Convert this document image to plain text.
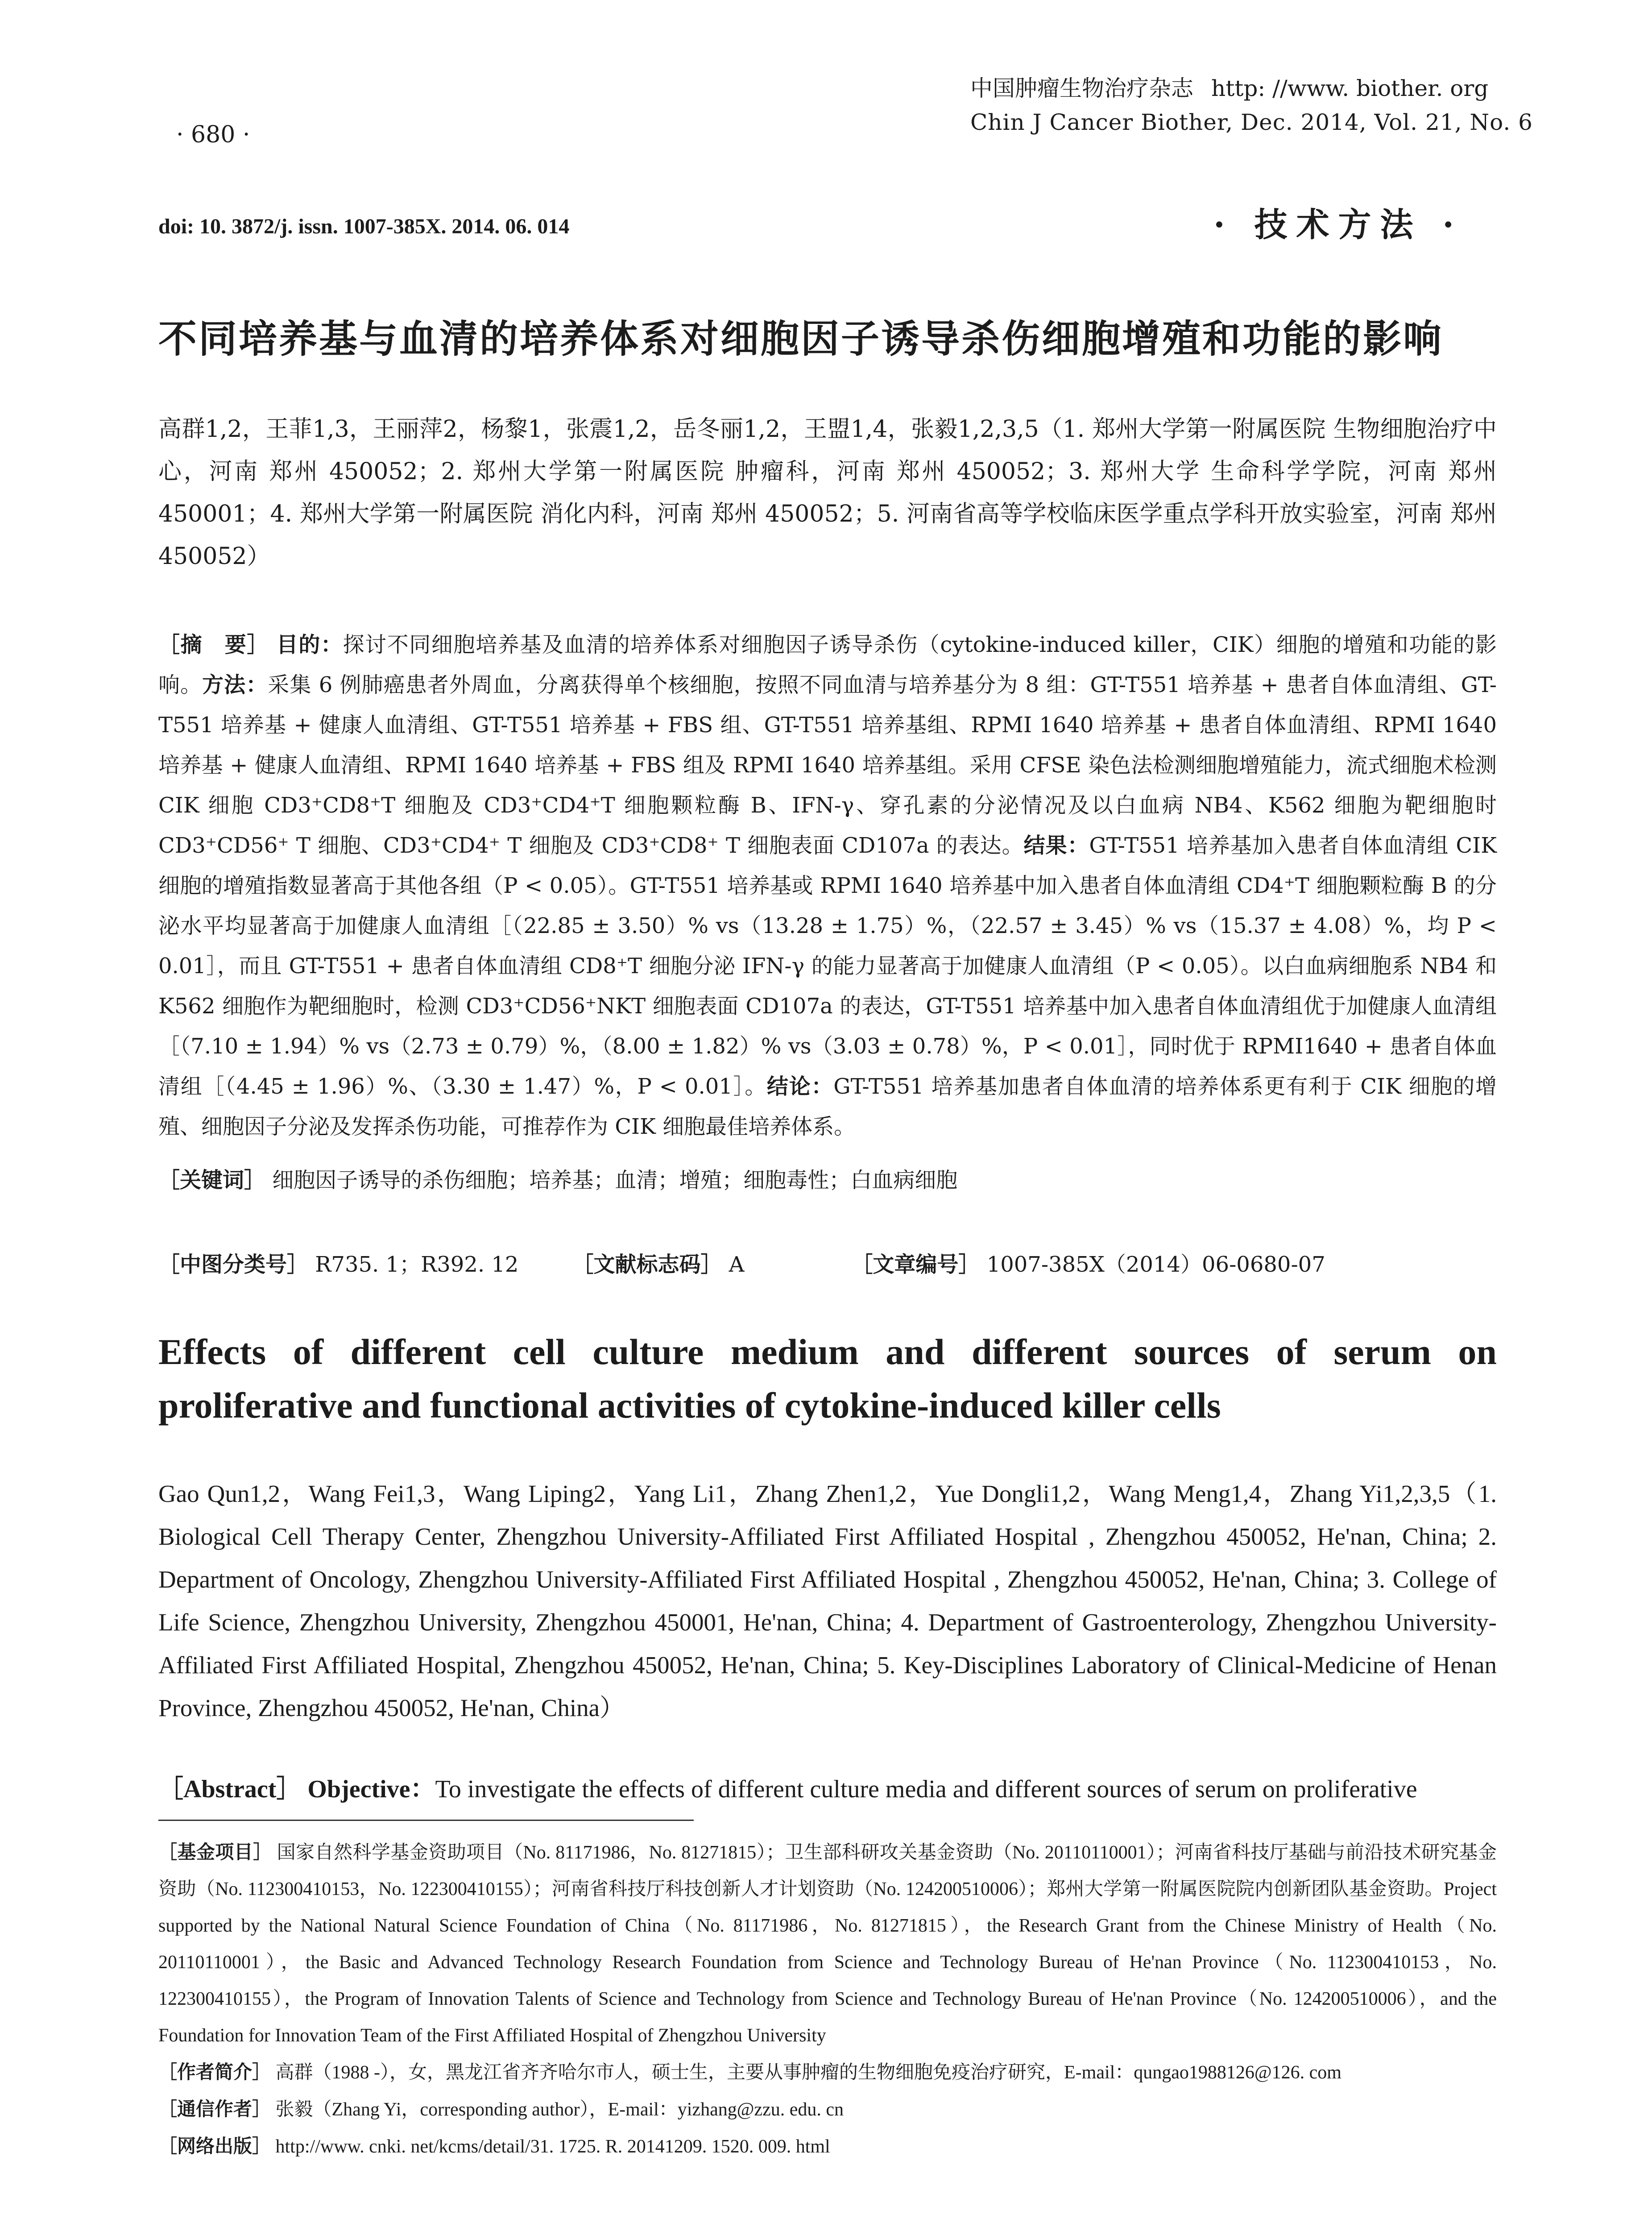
· 680 ·
中国肿瘤生物治疗杂志 http: //www. biother. org
Chin J Cancer Biother, Dec. 2014, Vol. 21, No. 6
doi: 10. 3872/j. issn. 1007-385X. 2014. 06. 014	· 技术方法 ·
不同培养基与血清的培养体系对细胞因子诱导杀伤细胞增殖和功能的影响
高群1,2，王菲1,3，王丽萍2，杨黎1，张震1,2，岳冬丽1,2，王盟1,4，张毅1,2,3,5（1. 郑州大学第一附属医院 生物细胞治疗中心，河南 郑州 450052；2. 郑州大学第一附属医院 肿瘤科，河南 郑州 450052；3. 郑州大学 生命科学学院，河南 郑州 450001；4. 郑州大学第一附属医院 消化内科，河南 郑州 450052；5. 河南省高等学校临床医学重点学科开放实验室，河南 郑州 450052）
［摘　要］ 目的：探讨不同细胞培养基及血清的培养体系对细胞因子诱导杀伤（cytokine-induced killer，CIK）细胞的增殖和功能的影响。方法：采集 6 例肺癌患者外周血，分离获得单个核细胞，按照不同血清与培养基分为 8 组：GT-T551 培养基 + 患者自体血清组、GT-T551 培养基 + 健康人血清组、GT-T551 培养基 + FBS 组、GT-T551 培养基组、RPMI 1640 培养基 + 患者自体血清组、RPMI 1640 培养基 + 健康人血清组、RPMI 1640 培养基 + FBS 组及 RPMI 1640 培养基组。采用 CFSE 染色法检测细胞增殖能力，流式细胞术检测 CIK 细胞 CD3⁺CD8⁺T 细胞及 CD3⁺CD4⁺T 细胞颗粒酶 B、IFN-γ、穿孔素的分泌情况及以白血病 NB4、K562 细胞为靶细胞时 CD3⁺CD56⁺ T 细胞、CD3⁺CD4⁺ T 细胞及 CD3⁺CD8⁺ T 细胞表面 CD107a 的表达。结果：GT-T551 培养基加入患者自体血清组 CIK 细胞的增殖指数显著高于其他各组（P < 0.05）。GT-T551 培养基或 RPMI 1640 培养基中加入患者自体血清组 CD4⁺T 细胞颗粒酶 B 的分泌水平均显著高于加健康人血清组［（22.85 ± 3.50）% vs（13.28 ± 1.75）%，（22.57 ± 3.45）% vs（15.37 ± 4.08）%，均 P < 0.01］，而且 GT-T551 + 患者自体血清组 CD8⁺T 细胞分泌 IFN-γ 的能力显著高于加健康人血清组（P < 0.05）。以白血病细胞系 NB4 和 K562 细胞作为靶细胞时，检测 CD3⁺CD56⁺NKT 细胞表面 CD107a 的表达，GT-T551 培养基中加入患者自体血清组优于加健康人血清组［（7.10 ± 1.94）% vs（2.73 ± 0.79）%，（8.00 ± 1.82）% vs（3.03 ± 0.78）%，P < 0.01］，同时优于 RPMI1640 + 患者自体血清组［（4.45 ± 1.96）%、（3.30 ± 1.47）%，P < 0.01］。结论：GT-T551 培养基加患者自体血清的培养体系更有利于 CIK 细胞的增殖、细胞因子分泌及发挥杀伤功能，可推荐作为 CIK 细胞最佳培养体系。
［关键词］ 细胞因子诱导的杀伤细胞；培养基；血清；增殖；细胞毒性；白血病细胞
［中图分类号］ R735. 1；R392. 12	［文献标志码］ A	［文章编号］ 1007-385X（2014）06-0680-07
Effects of different cell culture medium and different sources of serum on proliferative and functional activities of cytokine-induced killer cells
Gao Qun1,2，Wang Fei1,3，Wang Liping2，Yang Li1，Zhang Zhen1,2，Yue Dongli1,2，Wang Meng1,4，Zhang Yi1,2,3,5（1. Biological Cell Therapy Center, Zhengzhou University-Affiliated First Affiliated Hospital , Zhengzhou 450052, He'nan, China; 2. Department of Oncology, Zhengzhou University-Affiliated First Affiliated Hospital , Zhengzhou 450052, He'nan, China; 3. College of Life Science, Zhengzhou University, Zhengzhou 450001, He'nan, China; 4. Department of Gastroenterology, Zhengzhou University-Affiliated First Affiliated Hospital, Zhengzhou 450052, He'nan, China; 5. Key-Disciplines Laboratory of Clinical-Medicine of Henan Province, Zhengzhou 450052, He'nan, China）
［Abstract］ Objective：To investigate the effects of different culture media and different sources of serum on proliferative

［基金项目］ 国家自然科学基金资助项目（No. 81171986，No. 81271815）；卫生部科研攻关基金资助（No. 20110110001）；河南省科技厅基础与前沿技术研究基金资助（No. 112300410153，No. 122300410155）；河南省科技厅科技创新人才计划资助（No. 124200510006）；郑州大学第一附属医院院内创新团队基金资助。Project supported by the National Natural Science Foundation of China（No. 81171986，No. 81271815），the Research Grant from the Chinese Ministry of Health（No. 20110110001），the Basic and Advanced Technology Research Foundation from Science and Technology Bureau of He'nan Province（No. 112300410153，No. 122300410155），the Program of Innovation Talents of Science and Technology from Science and Technology Bureau of He'nan Province（No. 124200510006），and the Foundation for Innovation Team of the First Affiliated Hospital of Zhengzhou University

［作者简介］ 高群（1988 -），女，黑龙江省齐齐哈尔市人，硕士生，主要从事肿瘤的生物细胞免疫治疗研究，E-mail：qungao1988126@126. com

［通信作者］ 张毅（Zhang Yi，corresponding author），E-mail：yizhang@zzu. edu. cn

［网络出版］ http://www. cnki. net/kcms/detail/31. 1725. R. 20141209. 1520. 009. html
